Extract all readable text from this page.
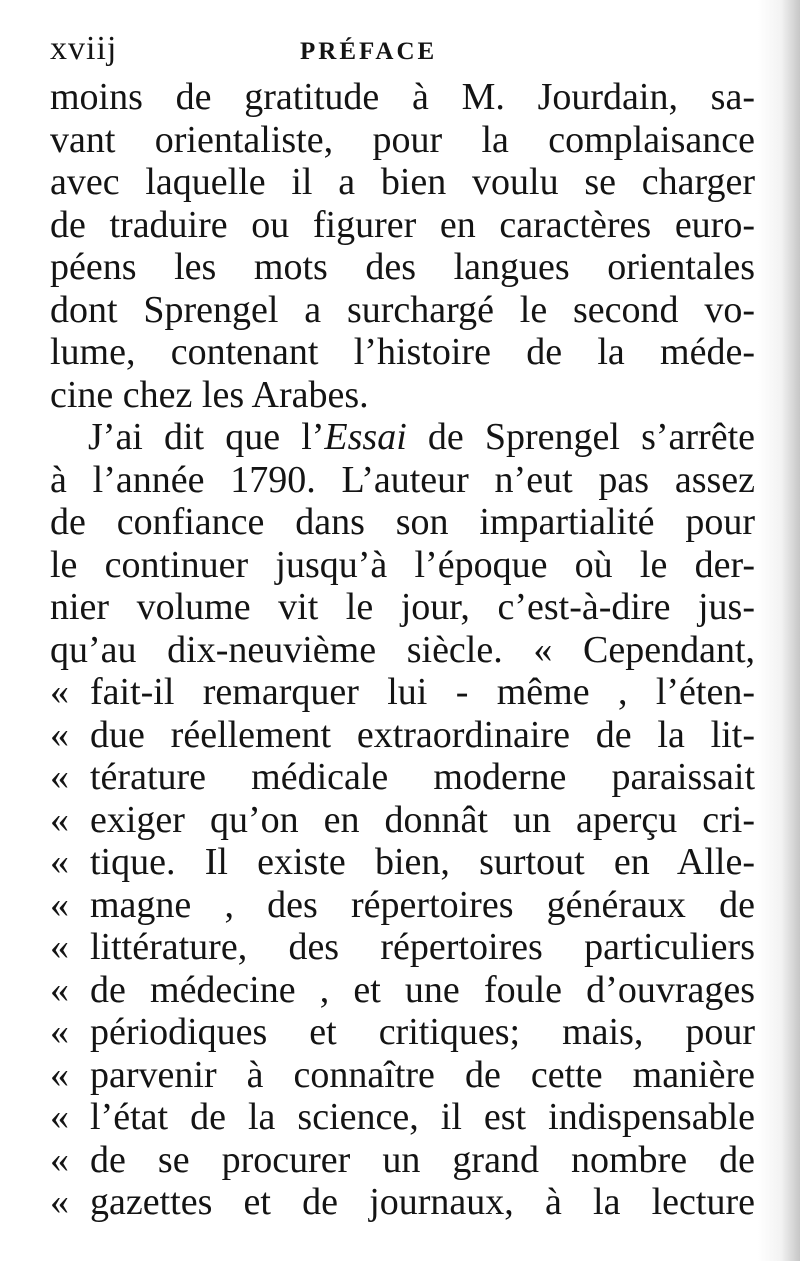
xviij	PRÉFACE
moins de gratitude à M. Jourdain, sa-
vant orientaliste, pour la complaisance
avec laquelle il a bien voulu se charger
de traduire ou figurer en caractères euro-
péens les mots des langues orientales
dont Sprengel a surchargé le second vo-
lume, contenant l’histoire de la méde-
cine chez les Arabes.
J’ai dit que l’Essai de Sprengel s’arrête
à l’année 1790. L’auteur n’eut pas assez
de confiance dans son impartialité pour
le continuer jusqu’à l’époque où le der-
nier volume vit le jour, c’est-à-dire jus-
qu’au dix-neuvième siècle. « Cependant,
« fait-il remarquer lui - même , l’éten-
« due réellement extraordinaire de la lit-
« térature médicale moderne paraissait
« exiger qu’on en donnât un aperçu cri-
« tique. Il existe bien, surtout en Alle-
« magne , des répertoires généraux de
« littérature, des répertoires particuliers
« de médecine , et une foule d’ouvrages
« périodiques et critiques; mais, pour
« parvenir à connaître de cette manière
« l’état de la science, il est indispensable
« de se procurer un grand nombre de
« gazettes et de journaux, à la lecture
